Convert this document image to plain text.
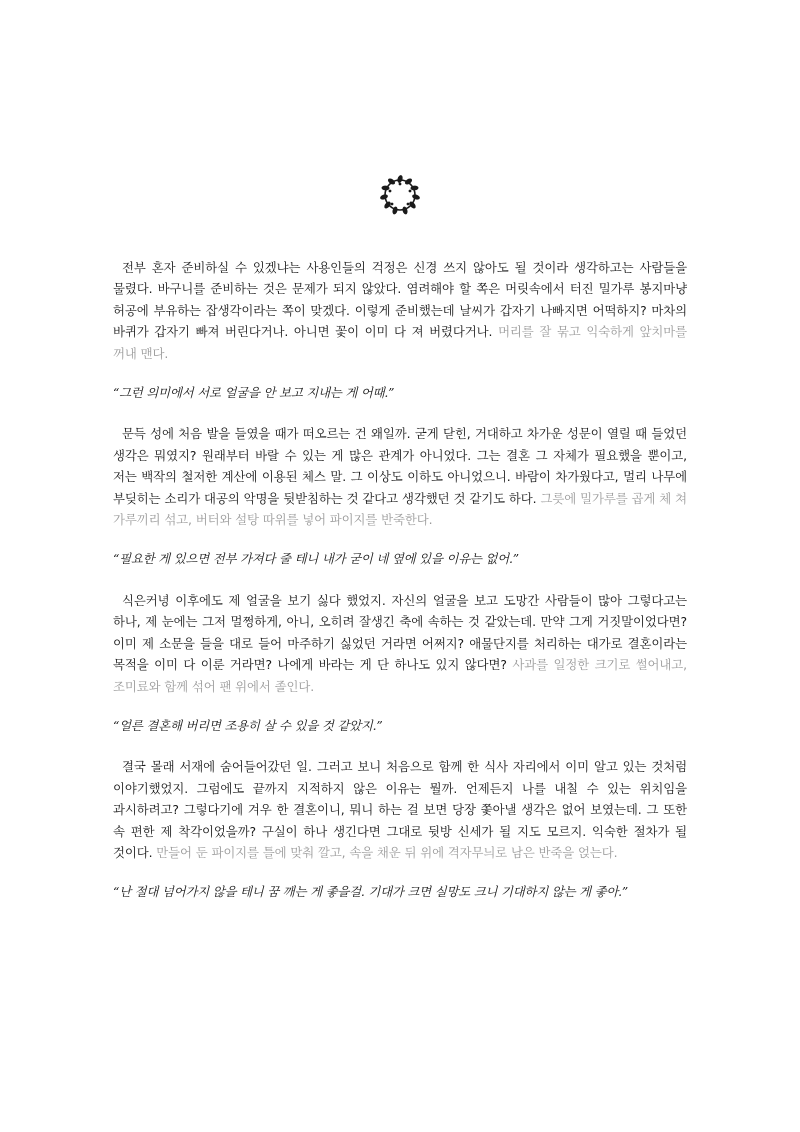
전부 혼자 준비하실 수 있겠냐는 사용인들의 걱정은 신경 쓰지 않아도 될 것이라 생각하고는 사람들을 물렸다. 바구니를 준비하는 것은 문제가 되지 않았다. 염려해야 할 쪽은 머릿속에서 터진 밀가루 봉지마냥 허공에 부유하는 잡생각이라는 쪽이 맞겠다. 이렇게 준비했는데 날씨가 갑자기 나빠지면 어떡하지? 마차의 바퀴가 갑자기 빠져 버린다거나. 아니면 꽃이 이미 다 져 버렸다거나. 머리를 잘 묶고 익숙하게 앞치마를 꺼내 맨다.

“그런 의미에서 서로 얼굴을 안 보고 지내는 게 어때.”

문득 성에 처음 발을 들였을 때가 떠오르는 건 왜일까. 굳게 닫힌, 거대하고 차가운 성문이 열릴 때 들었던 생각은 뭐였지? 원래부터 바랄 수 있는 게 많은 관계가 아니었다. 그는 결혼 그 자체가 필요했을 뿐이고, 저는 백작의 철저한 계산에 이용된 체스 말. 그 이상도 이하도 아니었으니. 바람이 차가웠다고, 멀리 나무에 부딪히는 소리가 대공의 악명을 뒷받침하는 것 같다고 생각했던 것 같기도 하다. 그릇에 밀가루를 곱게 체 쳐 가루끼리 섞고, 버터와 설탕 따위를 넣어 파이지를 반죽한다.

“필요한 게 있으면 전부 가져다 줄 테니 내가 굳이 네 옆에 있을 이유는 없어.”

식은커녕 이후에도 제 얼굴을 보기 싫다 했었지. 자신의 얼굴을 보고 도망간 사람들이 많아 그렇다고는 하나, 제 눈에는 그저 멀쩡하게, 아니, 오히려 잘생긴 축에 속하는 것 같았는데. 만약 그게 거짓말이었다면? 이미 제 소문을 들을 대로 들어 마주하기 싫었던 거라면 어쩌지? 애물단지를 처리하는 대가로 결혼이라는 목적을 이미 다 이룬 거라면? 나에게 바라는 게 단 하나도 있지 않다면? 사과를 일정한 크기로 썰어내고, 조미료와 함께 섞어 팬 위에서 졸인다.

“얼른 결혼해 버리면 조용히 살 수 있을 것 같았지.”

결국 몰래 서재에 숨어들어갔던 일. 그러고 보니 처음으로 함께 한 식사 자리에서 이미 알고 있는 것처럼 이야기했었지. 그럼에도 끝까지 지적하지 않은 이유는 뭘까. 언제든지 나를 내칠 수 있는 위치임을 과시하려고? 그렇다기에 겨우 한 결혼이니, 뭐니 하는 걸 보면 당장 쫓아낼 생각은 없어 보였는데. 그 또한 속 편한 제 착각이었을까? 구실이 하나 생긴다면 그대로 뒷방 신세가 될 지도 모르지. 익숙한 절차가 될 것이다. 만들어 둔 파이지를 틀에 맞춰 깔고, 속을 채운 뒤 위에 격자무늬로 남은 반죽을 얹는다.

“난 절대 넘어가지 않을 테니 꿈 깨는 게 좋을걸. 기대가 크면 실망도 크니 기대하지 않는 게 좋아.”
